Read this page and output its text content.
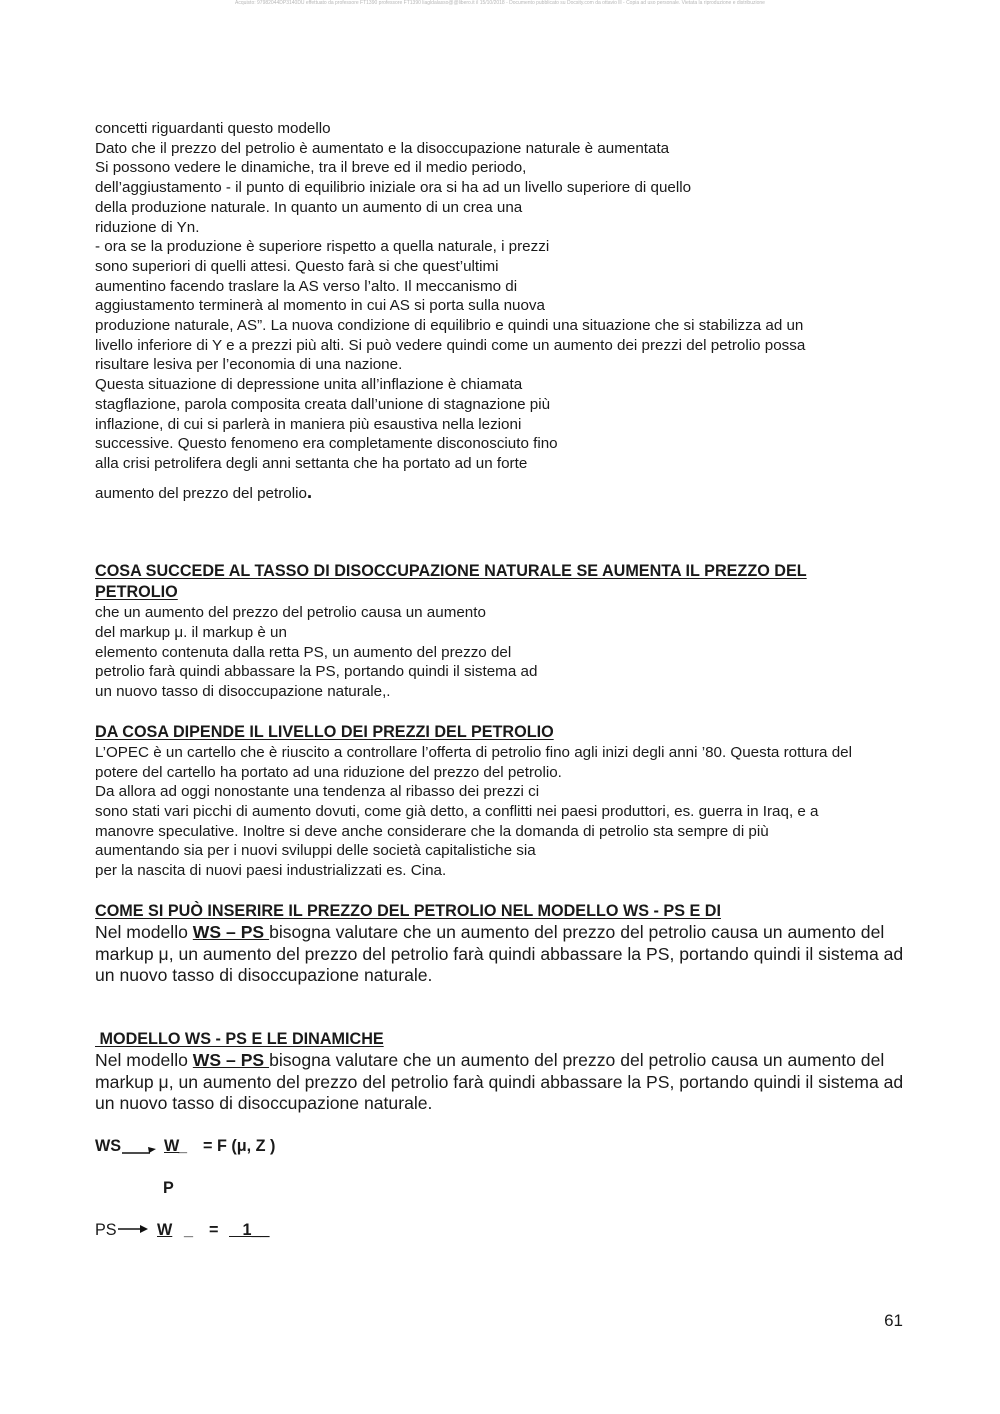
Acquisto: 97982044DP3140DU effettuato da professore FT1390 professore FT1390 liagldalasso@@libero.it il 15/10/2018 - Documento pubblicato su Docsity.com da ottavio lll - Copia ad uso personale. Vietata la riproduzione e distribuzione

concetti riguardanti questo modello

Dato che il prezzo del petrolio è aumentato e la disoccupazione naturale è aumentata

Si possono vedere le dinamiche, tra il breve ed il medio periodo,

dell’aggiustamento - il punto di equilibrio iniziale ora si ha ad un livello superiore di quello

della produzione naturale. In quanto un aumento di un crea una

riduzione di Yn.

- ora se la produzione è superiore rispetto a quella naturale, i prezzi

sono superiori di quelli attesi. Questo farà si che quest’ultimi

aumentino facendo traslare la AS verso l’alto. Il meccanismo di

aggiustamento terminerà al momento in cui AS si porta sulla nuova

produzione naturale, AS”. La nuova condizione di equilibrio e quindi una situazione che si stabilizza ad un

livello inferiore di Y e a prezzi più alti. Si può vedere quindi come un aumento dei prezzi del petrolio possa

risultare lesiva per l’economia di una nazione.

Questa situazione di depressione unita all’inflazione è chiamata

stagflazione, parola composita creata dall’unione di stagnazione più

inflazione, di cui si parlerà in maniera più esaustiva nella lezioni

successive. Questo fenomeno era completamente disconosciuto fino

alla crisi petrolifera degli anni settanta che ha portato ad un forte

aumento del prezzo del petrolio.

COSA SUCCEDE AL TASSO DI DISOCCUPAZIONE NATURALE SE AUMENTA IL PREZZO DEL PETROLIO

che un aumento del prezzo del petrolio causa un aumento

del markup μ. il markup è un

elemento contenuta dalla retta PS, un aumento del prezzo del

petrolio farà quindi abbassare la PS, portando quindi il sistema ad

un nuovo tasso di disoccupazione naturale,.

DA COSA DIPENDE IL LIVELLO DEI PREZZI DEL PETROLIO

L’OPEC è un cartello che è riuscito a controllare l’offerta di petrolio fino agli inizi degli anni ’80. Questa rottura del

potere del cartello ha portato ad una riduzione del prezzo del petrolio.

Da allora ad oggi nonostante una tendenza al ribasso dei prezzi ci

sono stati vari picchi di aumento dovuti, come già detto, a conflitti nei paesi produttori, es. guerra in Iraq, e a

manovre speculative. Inoltre si deve anche considerare che la domanda di petrolio sta sempre di più

aumentando sia per i nuovi sviluppi delle società capitalistiche sia

per la nascita di nuovi paesi industrializzati es. Cina.

COME SI PUÒ INSERIRE IL PREZZO DEL PETROLIO NEL MODELLO WS - PS E DI

Nel modello WS – PS bisogna valutare che un aumento del prezzo del petrolio causa un aumento del markup μ, un aumento del prezzo del petrolio farà quindi abbassare la PS, portando quindi il sistema ad un nuovo tasso di disoccupazione naturale.

MODELLO WS - PS E LE DINAMICHE

Nel modello WS – PS bisogna valutare che un aumento del prezzo del petrolio causa un aumento del markup μ, un aumento del prezzo del petrolio farà quindi abbassare la PS, portando quindi il sistema ad un nuovo tasso di disoccupazione naturale.

WS	W
_ = F (μ, Z )
P
PS W _ =	1__
61
